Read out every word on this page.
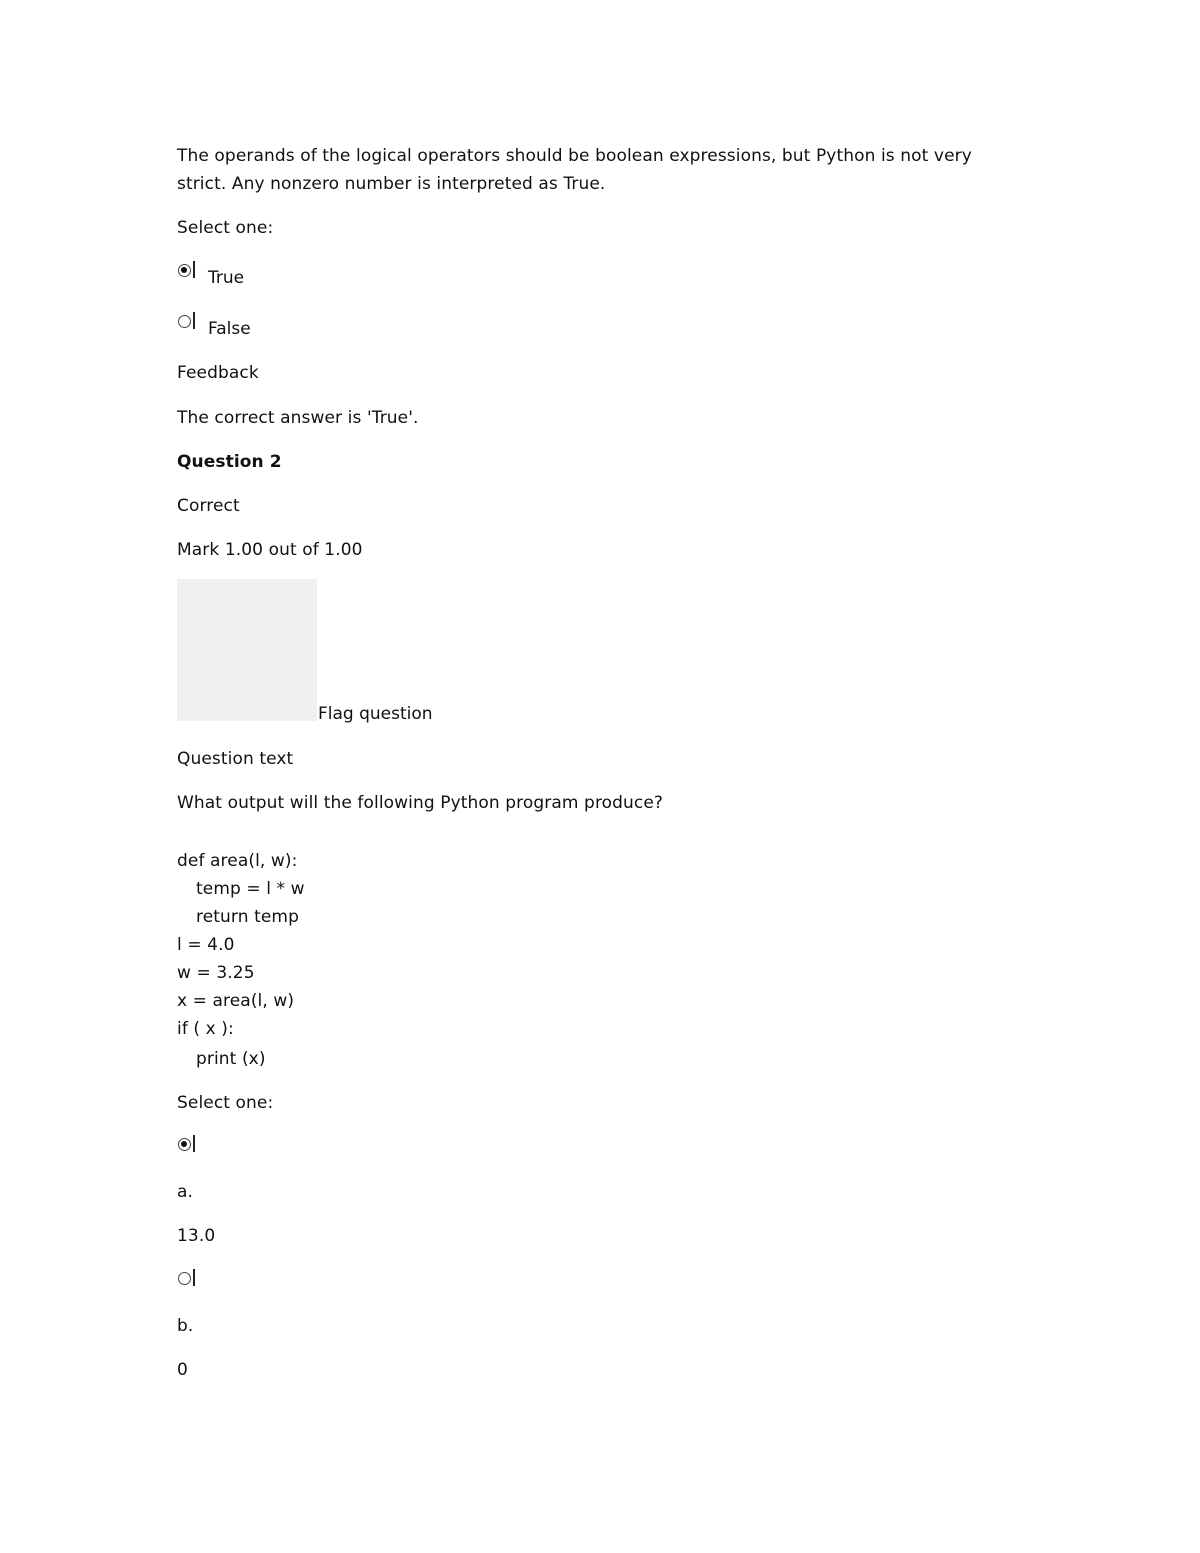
The operands of the logical operators should be boolean expressions, but Python is not very strict. Any nonzero number is interpreted as True.
Select one:
True
False
Feedback
The correct answer is 'True'.
Question 2
Correct
Mark 1.00 out of 1.00
Flag question
Question text
What output will the following Python program produce?
def area(l, w):
temp = l * w
return temp
l = 4.0
w = 3.25
x = area(l, w)
if ( x ):
print (x)
Select one:
a.
13.0
b.
0
